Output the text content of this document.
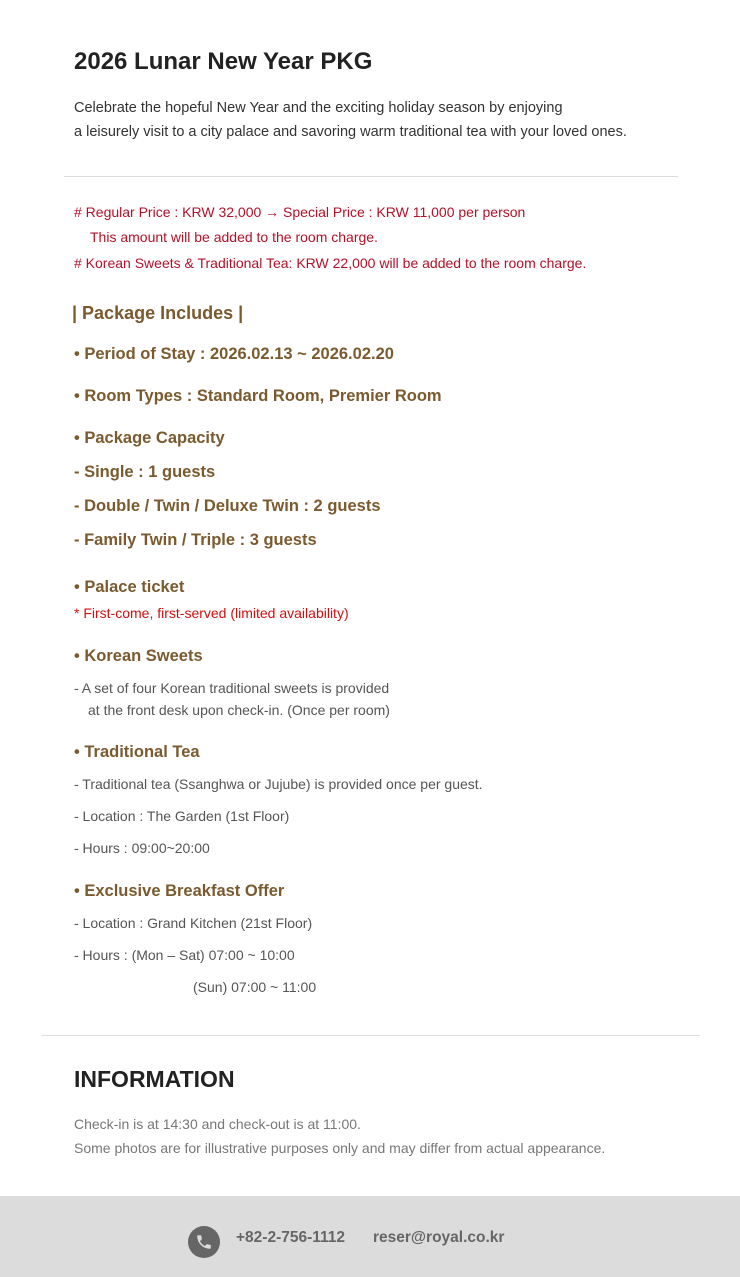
2026 Lunar New Year PKG
Celebrate the hopeful New Year and the exciting holiday season by enjoying
a leisurely visit to a city palace and savoring warm traditional tea with your loved ones.
# Regular Price : KRW 32,000 → Special Price : KRW 11,000 per person
This amount will be added to the room charge.
# Korean Sweets & Traditional Tea: KRW 22,000 will be added to the room charge.
| Package Includes |
• Period of Stay : 2026.02.13 ~ 2026.02.20
• Room Types : Standard Room, Premier Room
• Package Capacity
- Single : 1 guests
- Double / Twin / Deluxe Twin : 2 guests
- Family Twin / Triple : 3 guests
• Palace ticket
* First-come, first-served (limited availability)
• Korean Sweets
- A set of four Korean traditional sweets is provided
at the front desk upon check-in. (Once per room)
• Traditional Tea
- Traditional tea (Ssanghwa or Jujube) is provided once per guest.
- Location : The Garden (1st Floor)
- Hours : 09:00~20:00
• Exclusive Breakfast Offer
- Location : Grand Kitchen (21st Floor)
- Hours : (Mon – Sat) 07:00 ~ 10:00
(Sun) 07:00 ~ 11:00
INFORMATION
Check-in is at 14:30 and check-out is at 11:00.
Some photos are for illustrative purposes only and may differ from actual appearance.
+82-2-756-1112 reser@royal.co.kr
